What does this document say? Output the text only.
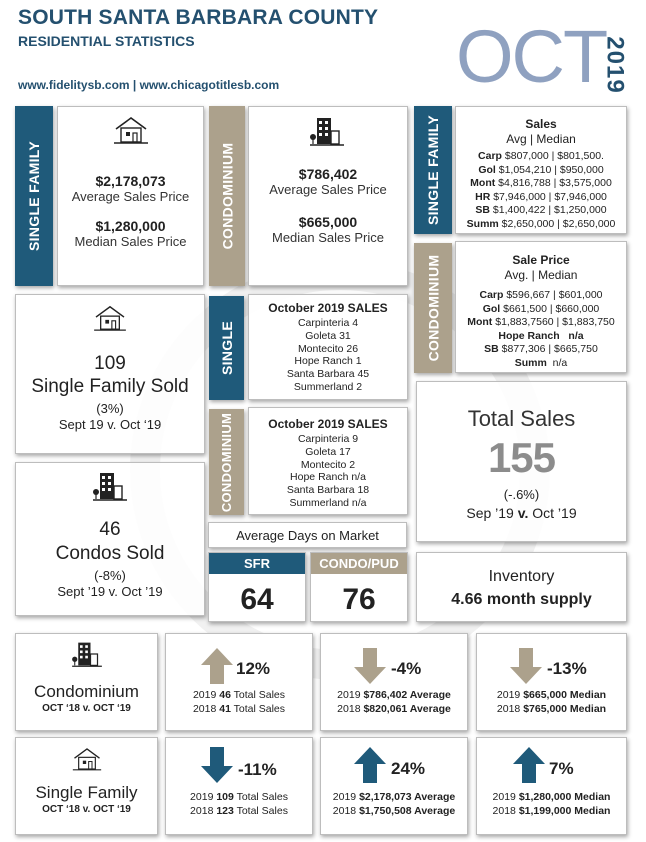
SOUTH SANTA BARBARA COUNTY
RESIDENTIAL STATISTICS
www.fidelitysb.com | www.chicagotitlesb.com OCT
2019
SINGLE FAMILY	$2,178,073
Average Sales Price
$1,280,000
Median Sales Price	CONDOMINIUM	$786,402
Average Sales Price
$665,000
Median Sales Price
SINGLE FAMILY	Sales
Avg | Median
Carp $807,000 | $801,500.
Gol $1,054,210 | $950,000
Mont $4,816,788 | $3,575,000
HR $7,946,000 | $7,946,000
SB $1,400,422 | $1,250,000
Summ $2,650,000 | $2,650,000
CONDOMINIUM	Sale Price
Avg. | Median
Carp $596,667 | $601,000
Gol $661,500 | $660,000
Mont $1,883,7560 | $1,883,750
Hope Ranch n/a
SB $877,306 | $665,750
Summ n/a
109
Single Family Sold
(3%)
Sept 19 v. Oct ‘19
46
Condos Sold
(-8%)
Sept ’19 v. Oct ’19
SINGLE
October 2019 SALES
Carpinteria 4
Goleta 31
Montecito 26
Hope Ranch 1
Santa Barbara 45
Summerland 2
CONDOMINIUM	October 2019 SALES
Carpinteria 9
Goleta 17
Montecito 2
Hope Ranch n/a
Santa Barbara 18
Summerland n/a
Total Sales
155
(-.6%)
Sep ’19 v. Oct ’19
Average Days on Market
SFR
64
CONDO/PUD
76
Inventory
4.66 month supply
Condominium
OCT ‘18 v. OCT ‘19
12%
2019 46 Total Sales
2018 41 Total Sales
-4%
2019 $786,402 Average
2018 $820,061 Average
-13%
2019 $665,000 Median
2018 $765,000 Median
Single Family
OCT ‘18 v. OCT ‘19
-11%
2019 109 Total Sales
2018 123 Total Sales
24%
2019 $2,178,073 Average
2018 $1,750,508 Average
7%
2019 $1,280,000 Median
2018 $1,199,000 Median
